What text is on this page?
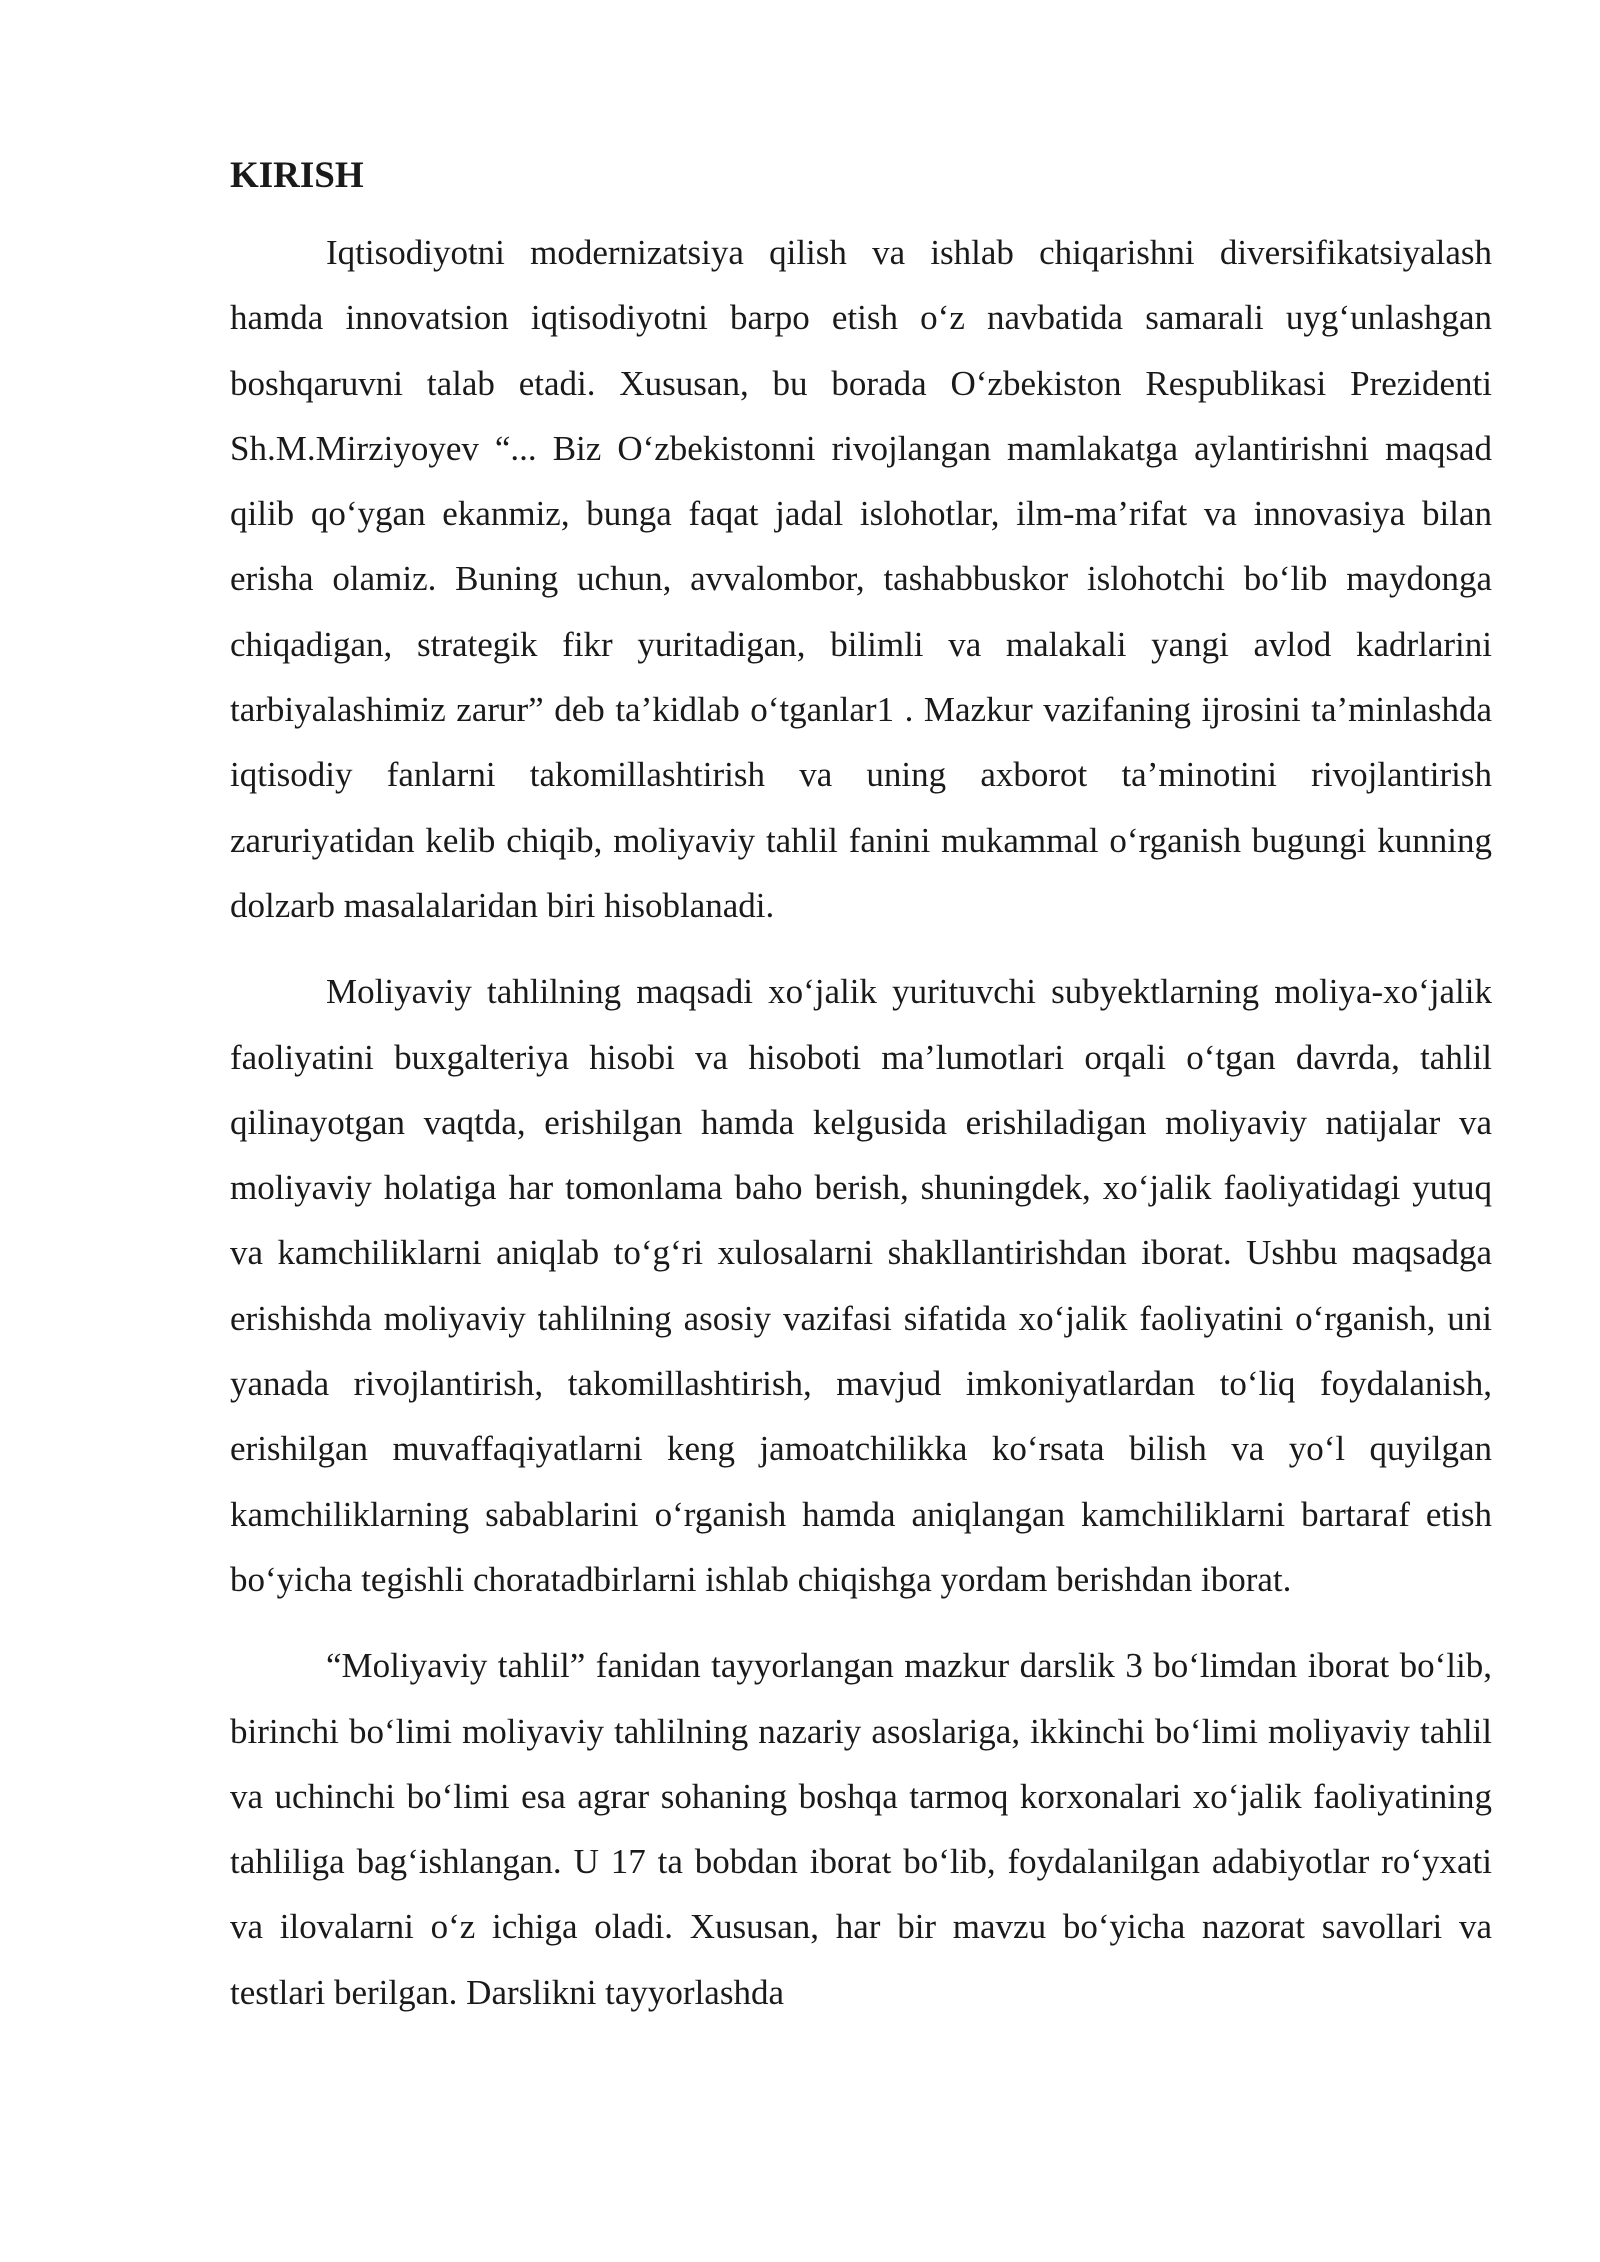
KIRISH

Iqtisodiyotni modernizatsiya qilish va ishlab chiqarishni diversifikatsiyalash hamda innovatsion iqtisodiyotni barpo etish o‘z navbatida samarali uyg‘unlashgan boshqaruvni talab etadi. Xususan, bu borada O‘zbekiston Respublikasi Prezidenti Sh.M.Mirziyoyev “... Biz O‘zbekistonni rivojlangan mamlakatga aylantirishni maqsad qilib qo‘ygan ekanmiz, bunga faqat jadal islohotlar, ilm-ma’rifat va innovasiya bilan erisha olamiz. Buning uchun, avvalombor, tashabbuskor islohotchi bo‘lib maydonga chiqadigan, strategik fikr yuritadigan, bilimli va malakali yangi avlod kadrlarini tarbiyalashimiz zarur” deb ta’kidlab o‘tganlar1 . Mazkur vazifaning ijrosini ta’minlashda iqtisodiy fanlarni takomillashtirish va uning axborot ta’minotini rivojlantirish zaruriyatidan kelib chiqib, moliyaviy tahlil fanini mukammal o‘rganish bugungi kunning dolzarb masalalaridan biri hisoblanadi.

Moliyaviy tahlilning maqsadi xo‘jalik yurituvchi subyektlarning moliya-xo‘jalik faoliyatini buxgalteriya hisobi va hisoboti ma’lumotlari orqali o‘tgan davrda, tahlil qilinayotgan vaqtda, erishilgan hamda kelgusida erishiladigan moliyaviy natijalar va moliyaviy holatiga har tomonlama baho berish, shuningdek, xo‘jalik faoliyatidagi yutuq va kamchiliklarni aniqlab to‘g‘ri xulosalarni shakllantirishdan iborat. Ushbu maqsadga erishishda moliyaviy tahlilning asosiy vazifasi sifatida xo‘jalik faoliyatini o‘rganish, uni yanada rivojlantirish, takomillashtirish, mavjud imkoniyatlardan to‘liq foydalanish, erishilgan muvaffaqiyatlarni keng jamoatchilikka ko‘rsata bilish va yo‘l quyilgan kamchiliklarning sabablarini o‘rganish hamda aniqlangan kamchiliklarni bartaraf etish bo‘yicha tegishli choratadbirlarni ishlab chiqishga yordam berishdan iborat.

“Moliyaviy tahlil” fanidan tayyorlangan mazkur darslik 3 bo‘limdan iborat bo‘lib, birinchi bo‘limi moliyaviy tahlilning nazariy asoslariga, ikkinchi bo‘limi moliyaviy tahlil va uchinchi bo‘limi esa agrar sohaning boshqa tarmoq korxonalari xo‘jalik faoliyatining tahliliga bag‘ishlangan. U 17 ta bobdan iborat bo‘lib, foydalanilgan adabiyotlar ro‘yxati va ilovalarni o‘z ichiga oladi. Xususan, har bir mavzu bo‘yicha nazorat savollari va testlari berilgan. Darslikni tayyorlashda
